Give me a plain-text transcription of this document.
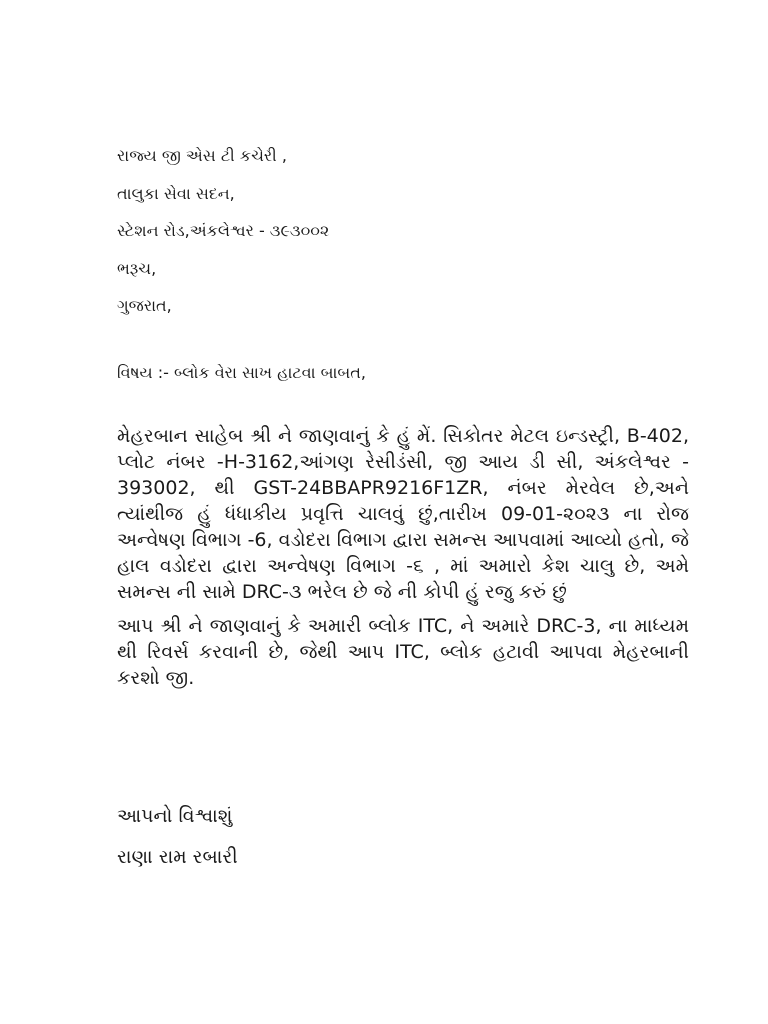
રાજ્ય જી એસ ટી કચેરી ,
તાલુકા સેવા સદન,
સ્ટેશન રોડ,અંકલેશ્વર - ૩૯૩૦૦૨
ભરૂચ,
ગુજરાત,
વિષય :- બ્લોક વેરા સાખ હાટવા બાબત,

મેહરબાન સાહેબ શ્રી ને જાણવાનું કે હું મેં. સિકોતર મેટલ ઇન્ડસ્ટ્રી, B-402, પ્લોટ નંબર -H-3162,આંગણ રેસીડંસી, જી આય ડી સી, અંકલેશ્વર - 393002, થી GST-24BBAPR9216F1ZR, નંબર મેરવેલ છે,અને ત્યાંથીજ હું ધંધાકીય પ્રવૃત્તિ ચાલવું છું,તારીખ 09-01-૨૦૨૩ ના રોજ અન્વેષણ વિભાગ -6, વડોદરા વિભાગ દ્વારા સમન્સ આપવામાં આવ્યો હતો, જે હાલ વડોદરા દ્વારા અન્વેષણ વિભાગ -૬ , માં અમારો કેશ ચાલુ છે, અમે સમન્સ ની સામે DRC-૩ ભરેલ છે જે ની કોપી હું રજુ કરું છું

આપ શ્રી ને જાણવાનું કે અમારી બ્લોક ITC, ને અમારે DRC-3, ના માધ્યમ થી રિવર્સ કરવાની છે, જેથી આપ ITC, બ્લોક હટાવી આપવા મેહરબાની કરશો જી.

આપનો વિશ્વાશું
રાણા રામ રબારી
